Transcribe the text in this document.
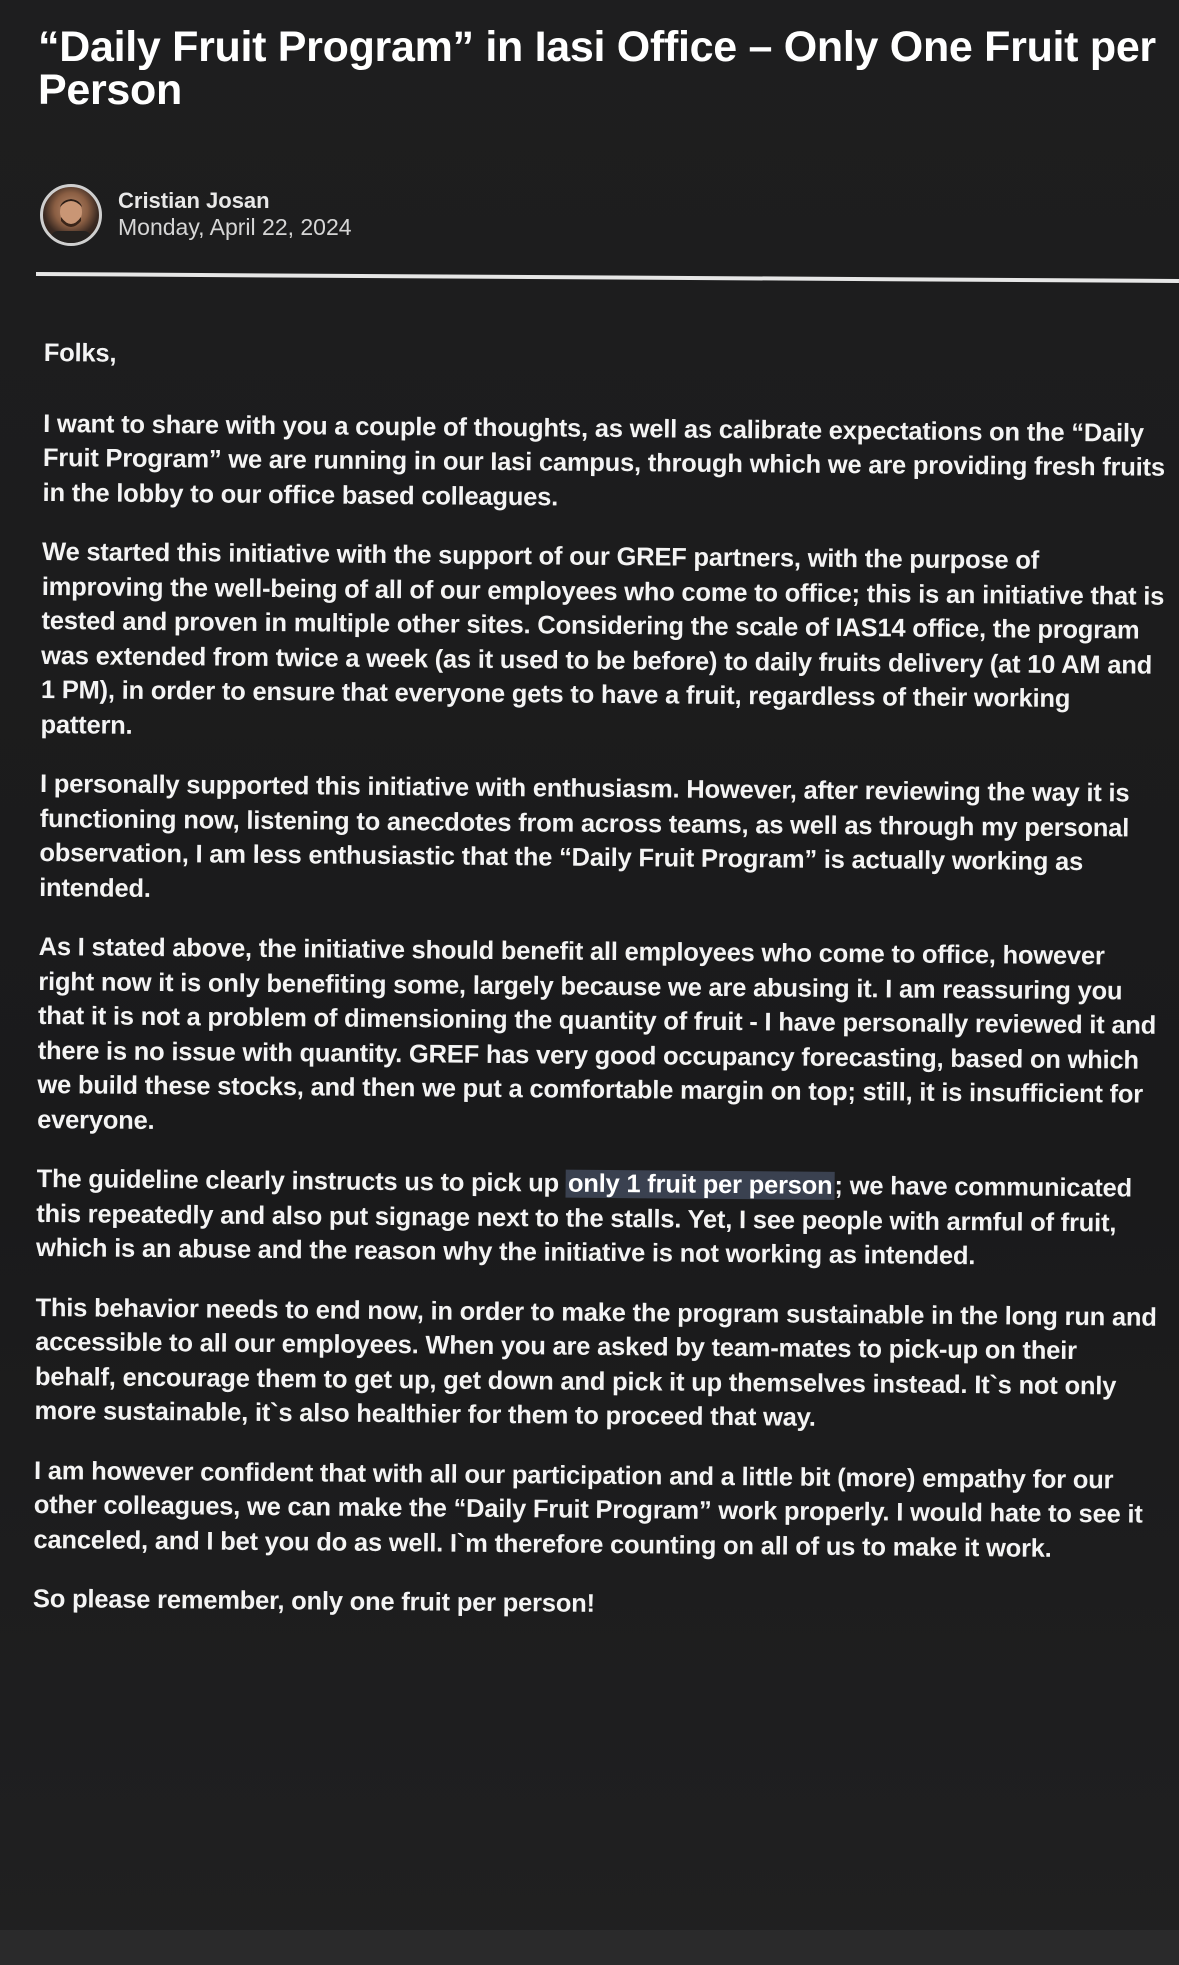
“Daily Fruit Program” in Iasi Office – Only One Fruit per Person
Cristian Josan
Monday, April 22, 2024

Folks,

I want to share with you a couple of thoughts, as well as calibrate expectations on the “Daily Fruit Program” we are running in our Iasi campus, through which we are providing fresh fruits in the lobby to our office based colleagues.

We started this initiative with the support of our GREF partners, with the purpose of improving the well-being of all of our employees who come to office; this is an initiative that is tested and proven in multiple other sites. Considering the scale of IAS14 office, the program was extended from twice a week (as it used to be before) to daily fruits delivery (at 10 AM and 1 PM), in order to ensure that everyone gets to have a fruit, regardless of their working pattern.

I personally supported this initiative with enthusiasm. However, after reviewing the way it is functioning now, listening to anecdotes from across teams, as well as through my personal observation, I am less enthusiastic that the “Daily Fruit Program” is actually working as intended.

As I stated above, the initiative should benefit all employees who come to office, however right now it is only benefiting some, largely because we are abusing it. I am reassuring you that it is not a problem of dimensioning the quantity of fruit - I have personally reviewed it and there is no issue with quantity. GREF has very good occupancy forecasting, based on which we build these stocks, and then we put a comfortable margin on top; still, it is insufficient for everyone.

The guideline clearly instructs us to pick up only 1 fruit per person; we have communicated this repeatedly and also put signage next to the stalls. Yet, I see people with armful of fruit, which is an abuse and the reason why the initiative is not working as intended.

This behavior needs to end now, in order to make the program sustainable in the long run and accessible to all our employees. When you are asked by team-mates to pick-up on their behalf, encourage them to get up, get down and pick it up themselves instead. It`s not only more sustainable, it`s also healthier for them to proceed that way.

I am however confident that with all our participation and a little bit (more) empathy for our other colleagues, we can make the “Daily Fruit Program” work properly. I would hate to see it canceled, and I bet you do as well. I`m therefore counting on all of us to make it work.

So please remember, only one fruit per person!
